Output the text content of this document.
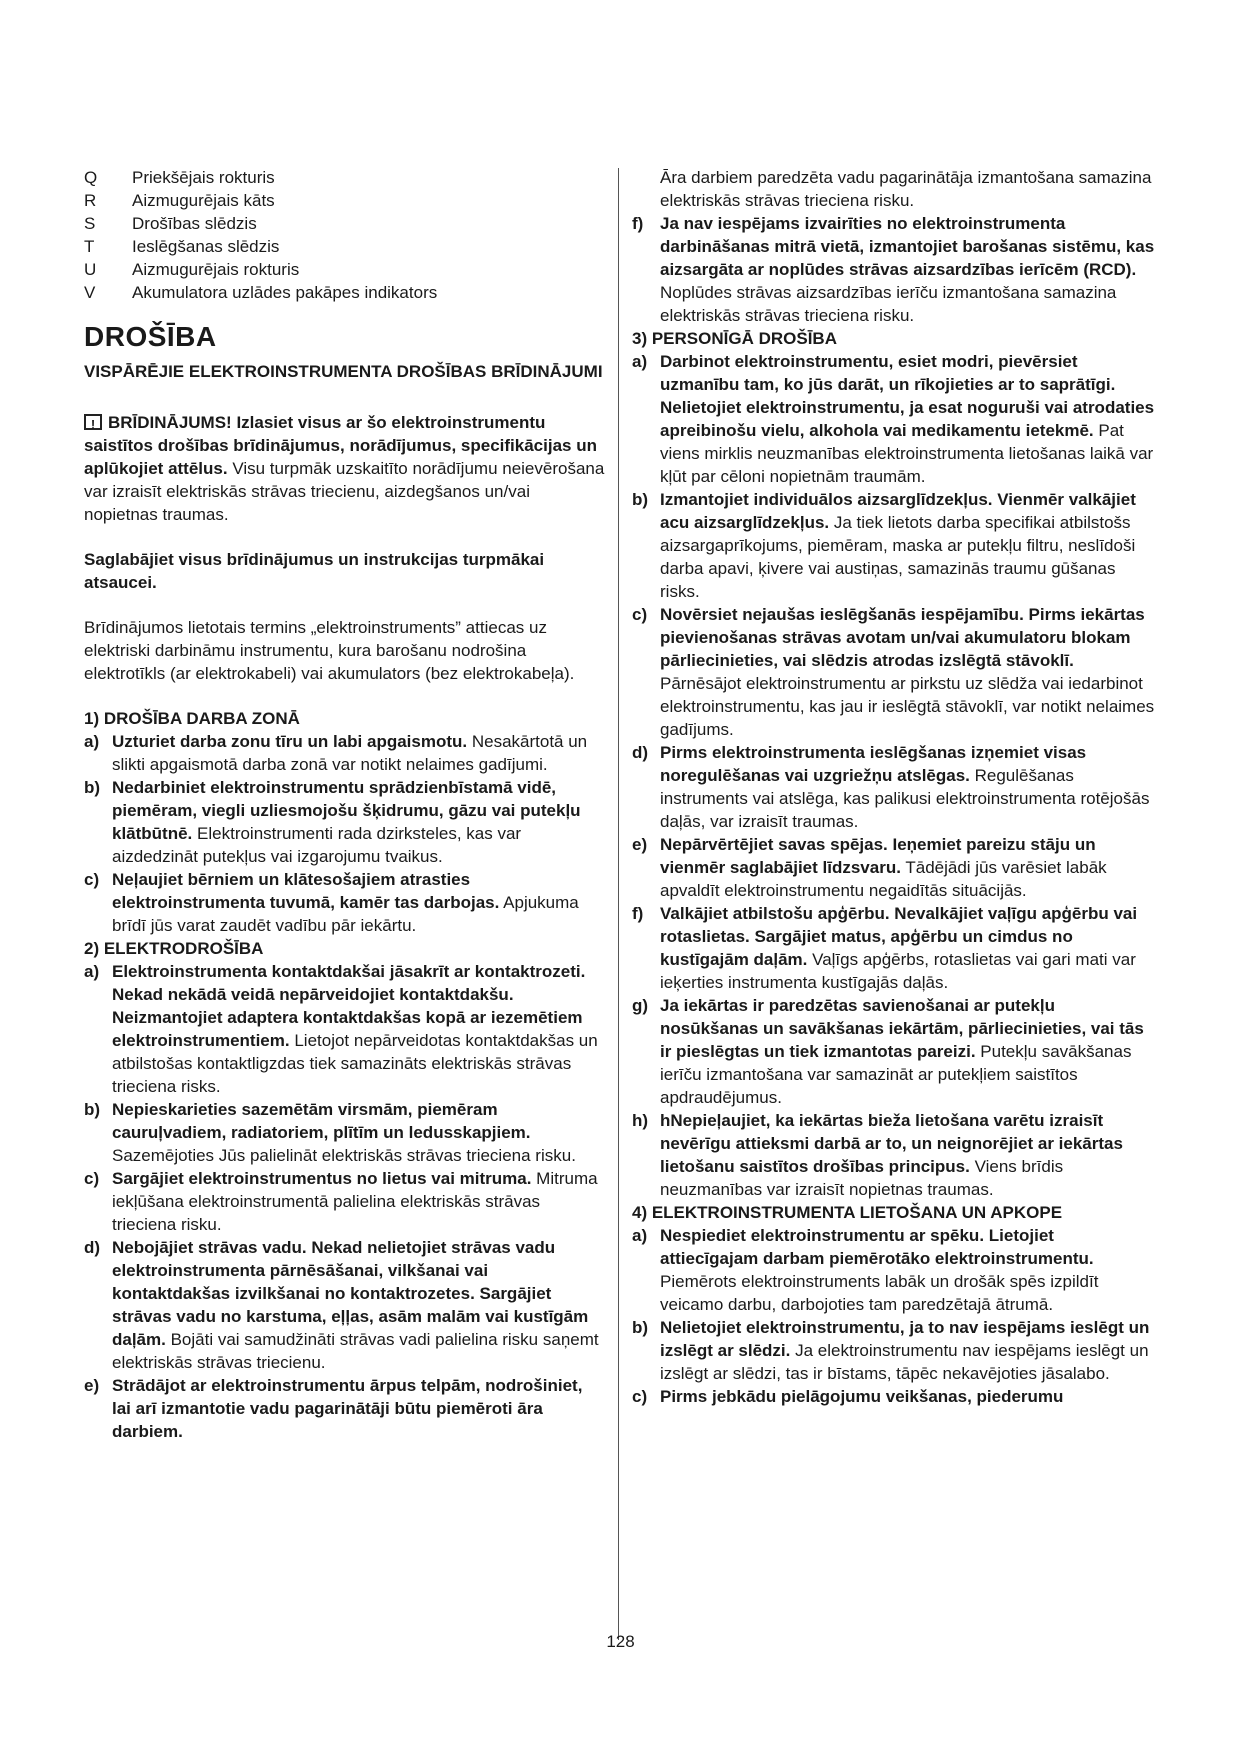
Q	Priekšējais rokturis
R	Aizmugurējais kāts
S	Drošības slēdzis
T	Ieslēgšanas slēdzis
U	Aizmugurējais rokturis
V	Akumulatora uzlādes pakāpes indikators
DROŠĪBA
VISPĀRĒJIE ELEKTROINSTRUMENTA DROŠĪBAS BRĪDINĀJUMI

!BRĪDINĀJUMS! Izlasiet visus ar šo elektroinstrumentu saistītos drošības brīdinājumus, norādījumus, specifikācijas un aplūkojiet attēlus. Visu turpmāk uzskaitīto norādījumu neievērošana var izraisīt elektriskās strāvas triecienu, aizdegšanos un/vai nopietnas traumas.

Saglabājiet visus brīdinājumus un instrukcijas turpmākai atsaucei.

Brīdinājumos lietotais termins „elektroinstruments” attiecas uz elektriski darbināmu instrumentu, kura barošanu nodrošina elektrotīkls (ar elektrokabeli) vai akumulators (bez elektrokabeļa).

1) DROŠĪBA DARBA ZONĀ
a) Uzturiet darba zonu tīru un labi apgaismotu. Nesakārtotā un slikti apgaismotā darba zonā var notikt nelaimes gadījumi.
b) Nedarbiniet elektroinstrumentu sprādzienbīstamā vidē, piemēram, viegli uzliesmojošu šķidrumu, gāzu vai putekļu klātbūtnē. Elektroinstrumenti rada dzirksteles, kas var aizdedzināt putekļus vai izgarojumu tvaikus.
c) Neļaujiet bērniem un klātesošajiem atrasties elektroinstrumenta tuvumā, kamēr tas darbojas. Apjukuma brīdī jūs varat zaudēt vadību pār iekārtu.
2) ELEKTRODROŠĪBA
a) Elektroinstrumenta kontaktdakšai jāsakrīt ar kontaktrozeti. Nekad nekādā veidā nepārveidojiet kontaktdakšu. Neizmantojiet adaptera kontaktdakšas kopā ar iezemētiem elektroinstrumentiem. Lietojot nepārveidotas kontaktdakšas un atbilstošas kontaktligzdas tiek samazināts elektriskās strāvas trieciena risks.
b) Nepieskarieties sazemētām virsmām, piemēram cauruļvadiem, radiatoriem, plītīm un ledusskapjiem. Sazemējoties Jūs palielināt elektriskās strāvas trieciena risku.
c) Sargājiet elektroinstrumentus no lietus vai mitruma. Mitruma iekļūšana elektroinstrumentā palielina elektriskās strāvas trieciena risku.
d) Nebojājiet strāvas vadu. Nekad nelietojiet strāvas vadu elektroinstrumenta pārnēsāšanai, vilkšanai vai kontaktdakšas izvilkšanai no kontaktrozetes. Sargājiet strāvas vadu no karstuma, eļļas, asām malām vai kustīgām daļām. Bojāti vai samudžināti strāvas vadi palielina risku saņemt elektriskās strāvas triecienu.
e) Strādājot ar elektroinstrumentu ārpus telpām, nodrošiniet, lai arī izmantotie vadu pagarinātāji būtu piemēroti āra darbiem.
Āra darbiem paredzēta vadu pagarinātāja izmantošana samazina elektriskās strāvas trieciena risku.
f) Ja nav iespējams izvairīties no elektroinstrumenta darbināšanas mitrā vietā, izmantojiet barošanas sistēmu, kas aizsargāta ar noplūdes strāvas aizsardzības ierīcēm (RCD). Noplūdes strāvas aizsardzības ierīču izmantošana samazina elektriskās strāvas trieciena risku.
3) PERSONĪGĀ DROŠĪBA
a) Darbinot elektroinstrumentu, esiet modri, pievērsiet uzmanību tam, ko jūs darāt, un rīkojieties ar to saprātīgi. Nelietojiet elektroinstrumentu, ja esat noguruši vai atrodaties apreibinošu vielu, alkohola vai medikamentu ietekmē. Pat viens mirklis neuzmanības elektroinstrumenta lietošanas laikā var kļūt par cēloni nopietnām traumām.
b) Izmantojiet individuālos aizsarglīdzekļus. Vienmēr valkājiet acu aizsarglīdzekļus. Ja tiek lietots darba specifikai atbilstošs aizsargaprīkojums, piemēram, maska ar putekļu filtru, neslīdoši darba apavi, ķivere vai austiņas, samazinās traumu gūšanas risks.
c) Novērsiet nejaušas ieslēgšanās iespējamību. Pirms iekārtas pievienošanas strāvas avotam un/vai akumulatoru blokam pārliecinieties, vai slēdzis atrodas izslēgtā stāvoklī. Pārnēsājot elektroinstrumentu ar pirkstu uz slēdža vai iedarbinot elektroinstrumentu, kas jau ir ieslēgtā stāvoklī, var notikt nelaimes gadījums.
d) Pirms elektroinstrumenta ieslēgšanas izņemiet visas noregulēšanas vai uzgriežņu atslēgas. Regulēšanas instruments vai atslēga, kas palikusi elektroinstrumenta rotējošās daļās, var izraisīt traumas.
e) Nepārvērtējiet savas spējas. Ieņemiet pareizu stāju un vienmēr saglabājiet līdzsvaru. Tādējādi jūs varēsiet labāk apvaldīt elektroinstrumentu negaidītās situācijās.
f) Valkājiet atbilstošu apģērbu. Nevalkājiet vaļīgu apģērbu vai rotaslietas. Sargājiet matus, apģērbu un cimdus no kustīgajām daļām. Vaļīgs apģērbs, rotaslietas vai gari mati var ieķerties instrumenta kustīgajās daļās.
g) Ja iekārtas ir paredzētas savienošanai ar putekļu nosūkšanas un savākšanas iekārtām, pārliecinieties, vai tās ir pieslēgtas un tiek izmantotas pareizi. Putekļu savākšanas ierīču izmantošana var samazināt ar putekļiem saistītos apdraudējumus.
h) hNepieļaujiet, ka iekārtas bieža lietošana varētu izraisīt nevērīgu attieksmi darbā ar to, un neignorējiet ar iekārtas lietošanu saistītos drošības principus. Viens brīdis neuzmanības var izraisīt nopietnas traumas.
4) ELEKTROINSTRUMENTA LIETOŠANA UN APKOPE
a) Nespiediet elektroinstrumentu ar spēku. Lietojiet attiecīgajam darbam piemērotāko elektroinstrumentu. Piemērots elektroinstruments labāk un drošāk spēs izpildīt veicamo darbu, darbojoties tam paredzētajā ātrumā.
b) Nelietojiet elektroinstrumentu, ja to nav iespējams ieslēgt un izslēgt ar slēdzi. Ja elektroinstrumentu nav iespējams ieslēgt un izslēgt ar slēdzi, tas ir bīstams, tāpēc nekavējoties jāsalabo.
c) Pirms jebkādu pielāgojumu veikšanas, piederumu
128
